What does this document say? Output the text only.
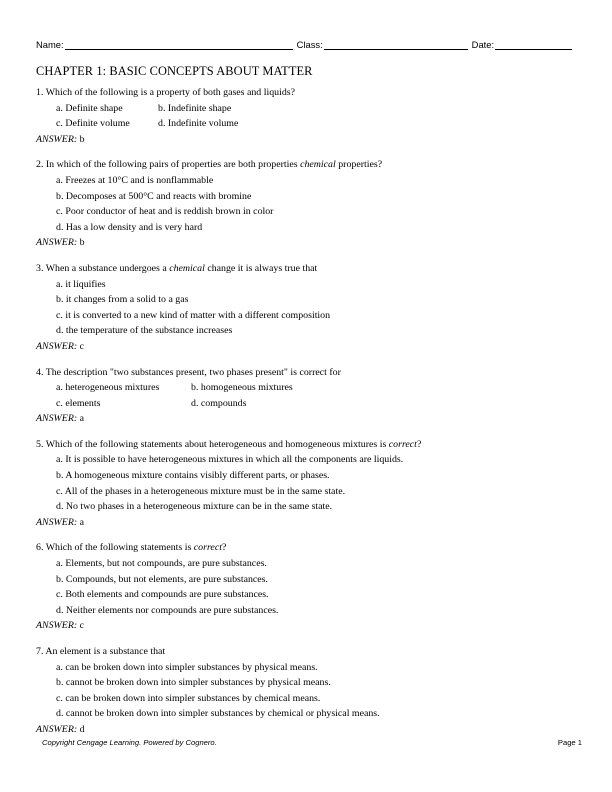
Name:	Class:	Date:
CHAPTER 1: BASIC CONCEPTS ABOUT MATTER
1. Which of the following is a property of both gases and liquids?
a. Definite shape	b. Indefinite shape
c. Definite volume	d. Indefinite volume
ANSWER: b
2. In which of the following pairs of properties are both properties chemical properties?
a. Freezes at 10°C and is nonflammable
b. Decomposes at 500°C and reacts with bromine
c. Poor conductor of heat and is reddish brown in color
d. Has a low density and is very hard
ANSWER: b
3. When a substance undergoes a chemical change it is always true that
a. it liquifies
b. it changes from a solid to a gas
c. it is converted to a new kind of matter with a different composition
d. the temperature of the substance increases
ANSWER: c
4. The description "two substances present, two phases present" is correct for
a. heterogeneous mixtures	b. homogeneous mixtures
c. elements	d. compounds
ANSWER: a
5. Which of the following statements about heterogeneous and homogeneous mixtures is correct?
a. It is possible to have heterogeneous mixtures in which all the components are liquids.
b. A homogeneous mixture contains visibly different parts, or phases.
c. All of the phases in a heterogeneous mixture must be in the same state.
d. No two phases in a heterogeneous mixture can be in the same state.
ANSWER: a
6. Which of the following statements is correct?
a. Elements, but not compounds, are pure substances.
b. Compounds, but not elements, are pure substances.
c. Both elements and compounds are pure substances.
d. Neither elements nor compounds are pure substances.
ANSWER: c
7. An element is a substance that
a. can be broken down into simpler substances by physical means.
b. cannot be broken down into simpler substances by physical means.
c. can be broken down into simpler substances by chemical means.
d. cannot be broken down into simpler substances by chemical or physical means.
ANSWER: d
Copyright Cengage Learning. Powered by Cognero.	Page 1
